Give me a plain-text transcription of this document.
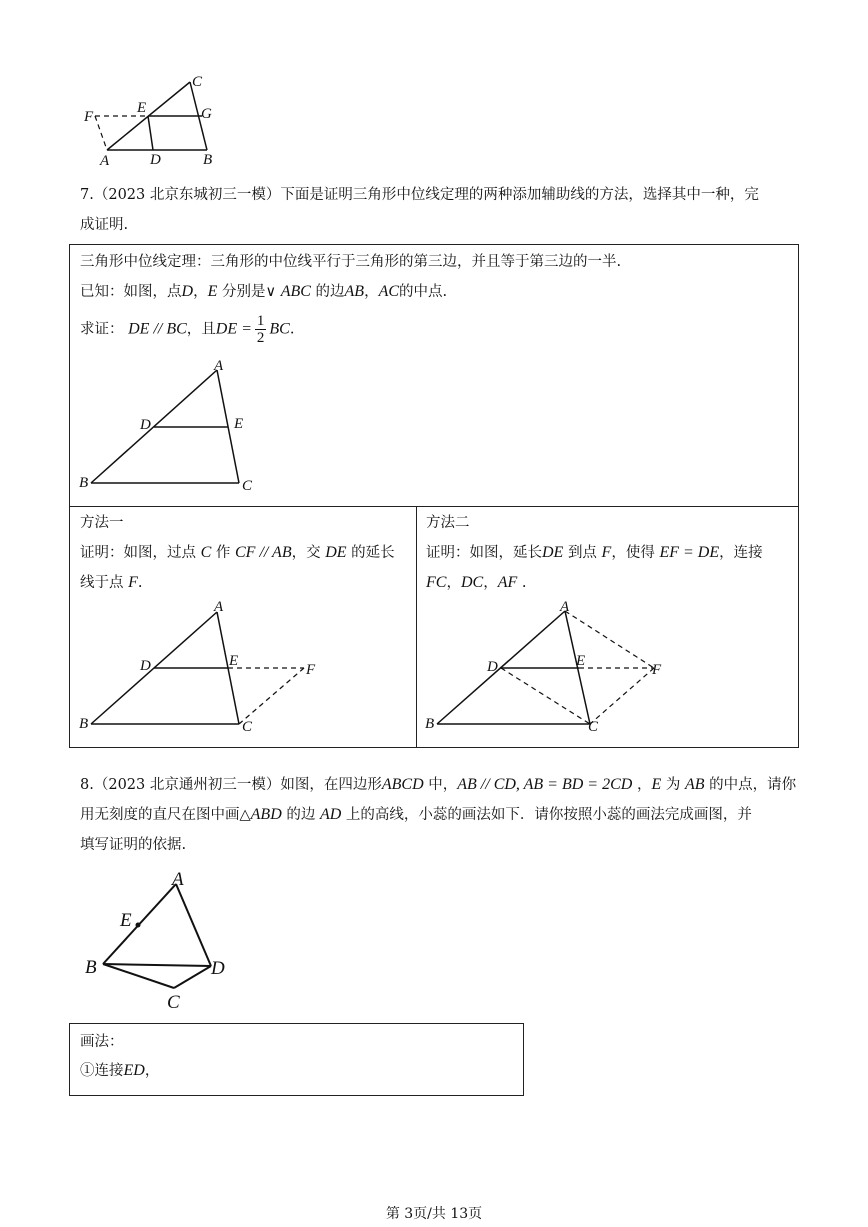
C
F
E	G
A	D	B
7.（2023 北京东城初三一模）下面是证明三角形中位线定理的两种添加辅助线的方法，选择其中一种，完
成证明.
三角形中位线定理：三角形的中位线平行于三角形的第三边，并且等于第三边的一半.
已知：如图，点D，E 分别是∨ ABC 的边AB，AC的中点.
求证： DE // BC，且DE = $\frac{1}{2}$ BC.
A
D	E
B	C
方法一
证明：如图，过点 C 作 CF // AB，交 DE 的延长
线于点 F.
A
D	E
F
B	C
方法二
证明：如图，延长DE 到点 F，使得 EF = DE，连接
FC，DC，AF .
A
D	E
F
B	C
8.（2023 北京通州初三一模）如图，在四边形ABCD 中，AB // CD, AB = BD = 2CD ，E 为 AB 的中点，请你
用无刻度的直尺在图中画△ABD 的边 AD 上的高线，小蕊的画法如下．请你按照小蕊的画法完成画图，并
填写证明的依据.
A
E
B	D
C
画法：
①连接ED，
第 3页/共 13页
